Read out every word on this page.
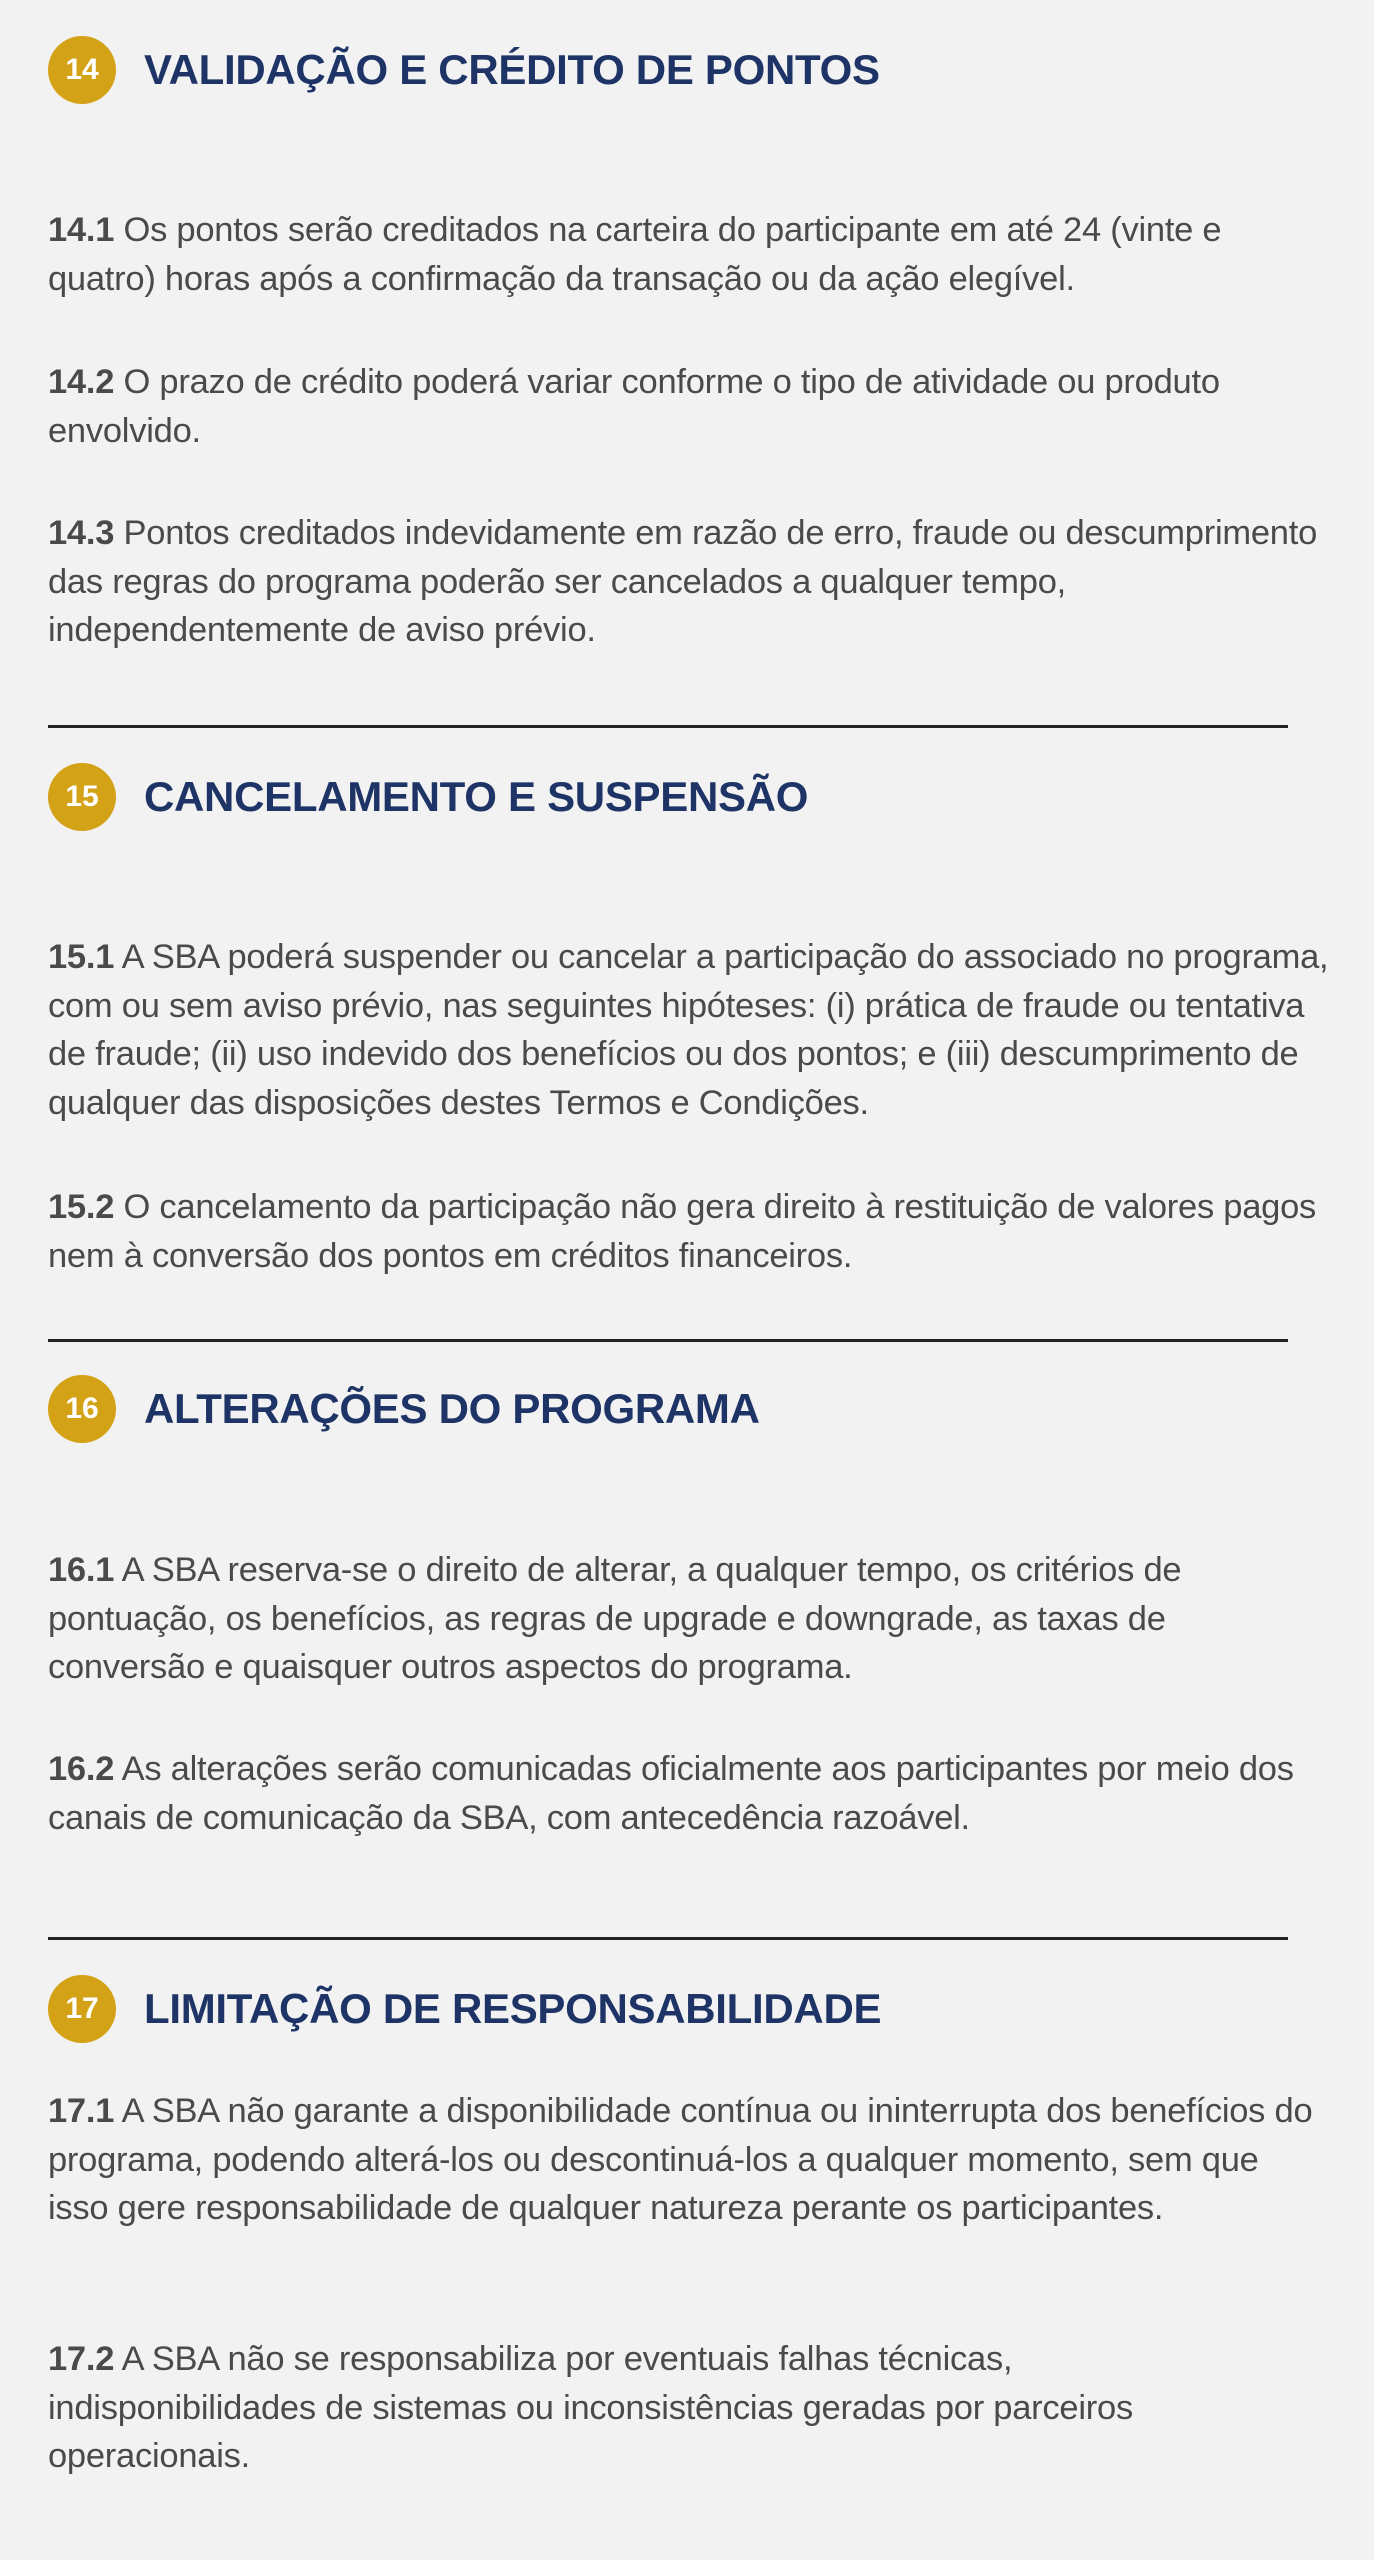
14	VALIDAÇÃO E CRÉDITO DE PONTOS

14.1 Os pontos serão creditados na carteira do participante em até 24 (vinte e quatro) horas após a confirmação da transação ou da ação elegível.

14.2 O prazo de crédito poderá variar conforme o tipo de atividade ou produto envolvido.

14.3 Pontos creditados indevidamente em razão de erro, fraude ou descumprimento das regras do programa poderão ser cancelados a qualquer tempo, independentemente de aviso prévio.

15	CANCELAMENTO E SUSPENSÃO

15.1 A SBA poderá suspender ou cancelar a participação do associado no programa, com ou sem aviso prévio, nas seguintes hipóteses: (i) prática de fraude ou tentativa de fraude; (ii) uso indevido dos benefícios ou dos pontos; e (iii) descumprimento de qualquer das disposições destes Termos e Condições.

15.2 O cancelamento da participação não gera direito à restituição de valores pagos nem à conversão dos pontos em créditos financeiros.

16	ALTERAÇÕES DO PROGRAMA

16.1 A SBA reserva-se o direito de alterar, a qualquer tempo, os critérios de pontuação, os benefícios, as regras de upgrade e downgrade, as taxas de conversão e quaisquer outros aspectos do programa.

16.2 As alterações serão comunicadas oficialmente aos participantes por meio dos canais de comunicação da SBA, com antecedência razoável.

17	LIMITAÇÃO DE RESPONSABILIDADE

17.1 A SBA não garante a disponibilidade contínua ou ininterrupta dos benefícios do programa, podendo alterá-los ou descontinuá-los a qualquer momento, sem que isso gere responsabilidade de qualquer natureza perante os participantes.

17.2 A SBA não se responsabiliza por eventuais falhas técnicas, indisponibilidades de sistemas ou inconsistências geradas por parceiros operacionais.
